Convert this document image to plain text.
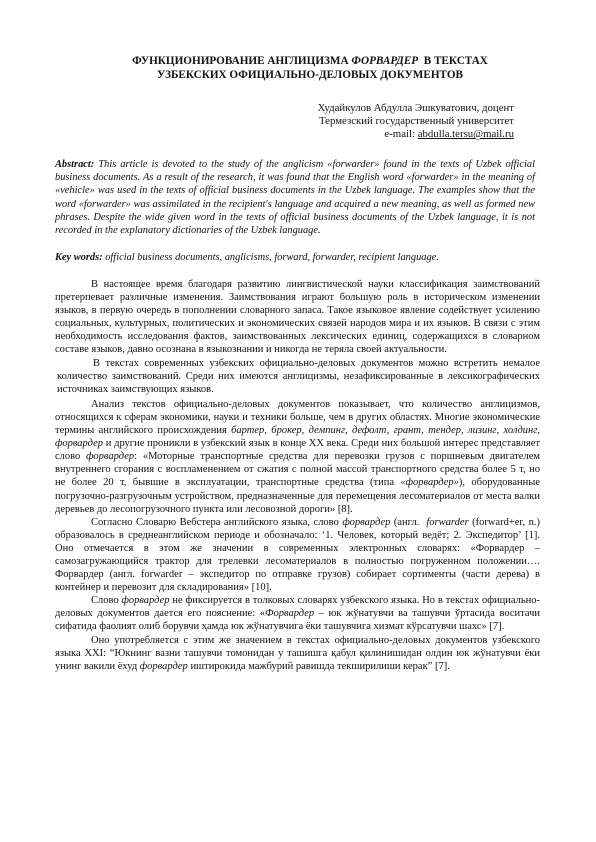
ФУНКЦИОНИРОВАНИЕ АНГЛИЦИЗМА ФОРВАРДЕР  В ТЕКСТАХ
УЗБЕКСКИХ ОФИЦИАЛЬНО-ДЕЛОВЫХ ДОКУМЕНТОВ
Худайкулов Абдулла Эшкуватович, доцент
Термезский государственный университет
e-mail: abdulla.tersu@mail.ru
Abstract: This article is devoted to the study of the anglicism «forwarder» found in the texts of Uzbek official business documents. As a result of the research, it was found that the English word «forwarder» in the meaning of «vehicle» was used in the texts of official business documents in the Uzbek language. The examples show that the word «forwarder» was assimilated in the recipient's language and acquired a new meaning, as well as formed new phrases. Despite the wide given word in the texts of official business documents of the Uzbek language, it is not recorded in the explanatory dictionaries of the Uzbek language.
Key words: official business documents, anglicisms, forward, forwarder, recipient language.

В настоящее время благодаря развитию лингвистической науки классификация заимствований претерпевает различные изменения. Заимствования играют большую роль в историческом изменении языков, в первую очередь в пополнении словарного запаса. Такое языковое явление содействует усилению социальных, культурных, политических и экономических связей народов мира и их языков. В связи с этим необходимость исследования фактов, заимствованных лексических единиц, содержащихся в словарном составе языков, давно осознана в языкознании и никогда не теряла своей актуальности.

В текстах современных узбекских официально-деловых документов можно встретить немалое количество заимствований. Среди них имеются англицизмы, незафиксированные в лексикографических источниках заимствующих языков.

Анализ текстов официально-деловых документов показывает, что количество англицизмов, относящихся к сферам экономики, науки и техники больше, чем в других областях. Многие экономические термины английского происхождения бартер, брокер, демпинг, дефолт, грант, тендер, лизинг, холдинг, форвардер и другие проникли в узбекский язык в конце XX века. Среди них большой интерес представляет слово форвардер: «Моторные транспортные средства для перевозки грузов с поршневым двигателем внутреннего сгорания с воспламенением от сжатия с полной массой транспортного средства более 5 т, но не более 20 т, бывшие в эксплуатации, транспортные средства (типа «форвардер»), оборудованные погрузочно-разгрузочным устройством, предназначенные для перемещения лесоматериалов от места валки деревьев до лесопогрузочного пункта или лесовозной дороги» [8].

Согласно Словарю Вебстера английского языка, слово форвардер (англ.  forwarder (forward+er, n.) образовалось в среднеанглийском периоде и обозначало: ‘1. Человек, который ведёт; 2. Экспедитор’ [1]. Оно отмечается в этом же значении в современных электронных словарях: «Форвардер – самозагружающийся трактор для трелевки лесоматериалов в полностью погруженном положении…. Форвардер (англ. forwarder – экспедитор по отправке грузов) собирает сортименты (части дерева) в контейнер и перевозит для складирования» [10].

Слово форвардер не фиксируется в толковых словарях узбекского языка. Но в текстах официально-деловых документов дается его пояснение: «Форвардер – юк жўнатувчи ва ташувчи ўртасида воситачи сифатида фаолият олиб борувчи ҳамда юк жўнатувчига ёки ташувчига хизмат кўрсатувчи шахс» [7].

Оно употребляется с этим же значением в текстах официально-деловых документов узбекского языка XXI: “Юкнинг вазни ташувчи томонидан у ташишга қабул қилинишидан олдин юк жўнатувчи ёки унинг вакили ёхуд форвардер иштирокида мажбурий равишда текширилиши керак” [7].
